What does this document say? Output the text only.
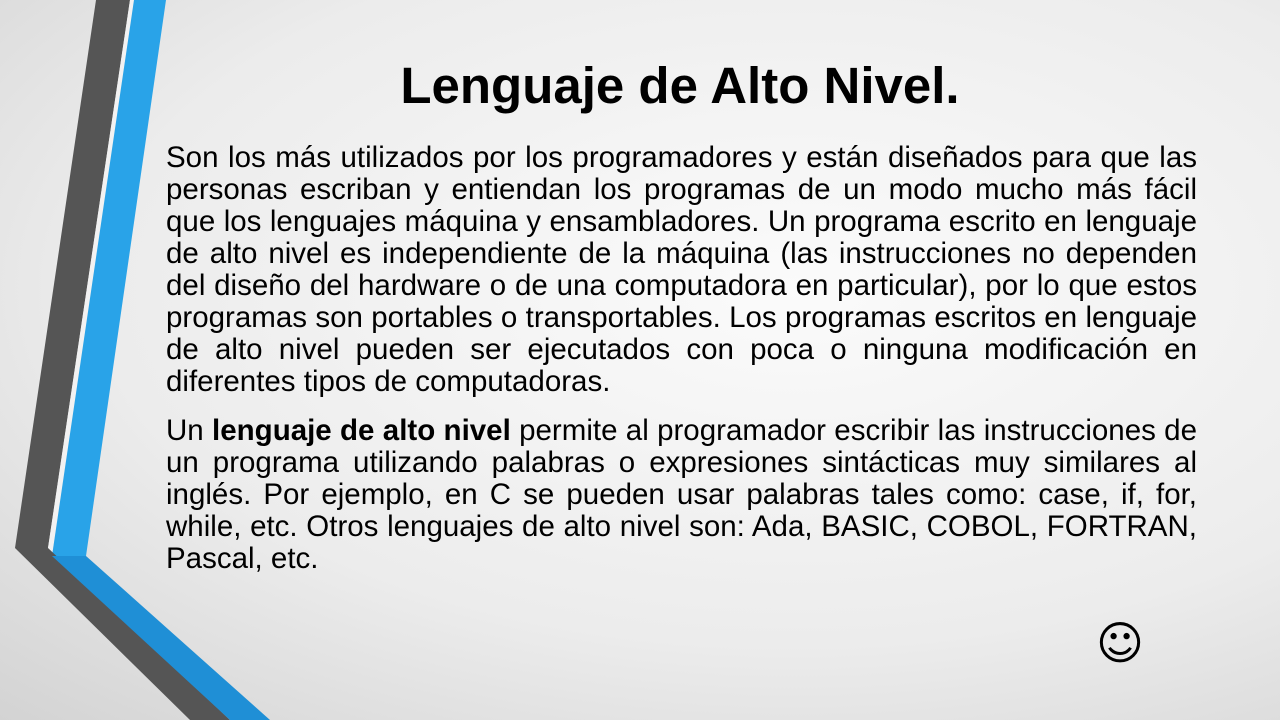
Lenguaje de Alto Nivel.

Son los más utilizados por los programadores y están diseñados para que las personas escriban y entiendan los programas de un modo mucho más fácil que los lenguajes máquina y ensambladores. Un programa escrito en lenguaje de alto nivel es independiente de la máquina (las instrucciones no dependen del diseño del hardware o de una computadora en particular), por lo que estos programas son portables o transportables. Los programas escritos en lenguaje de alto nivel pueden ser ejecutados con poca o ninguna modificación en diferentes tipos de computadoras.

Un lenguaje de alto nivel permite al programador escribir las instrucciones de un programa utilizando palabras o expresiones sintácticas muy similares al inglés. Por ejemplo, en C se pueden usar palabras tales como: case, if, for, while, etc. Otros lenguajes de alto nivel son: Ada, BASIC, COBOL, FORTRAN, Pascal, etc.

☺
